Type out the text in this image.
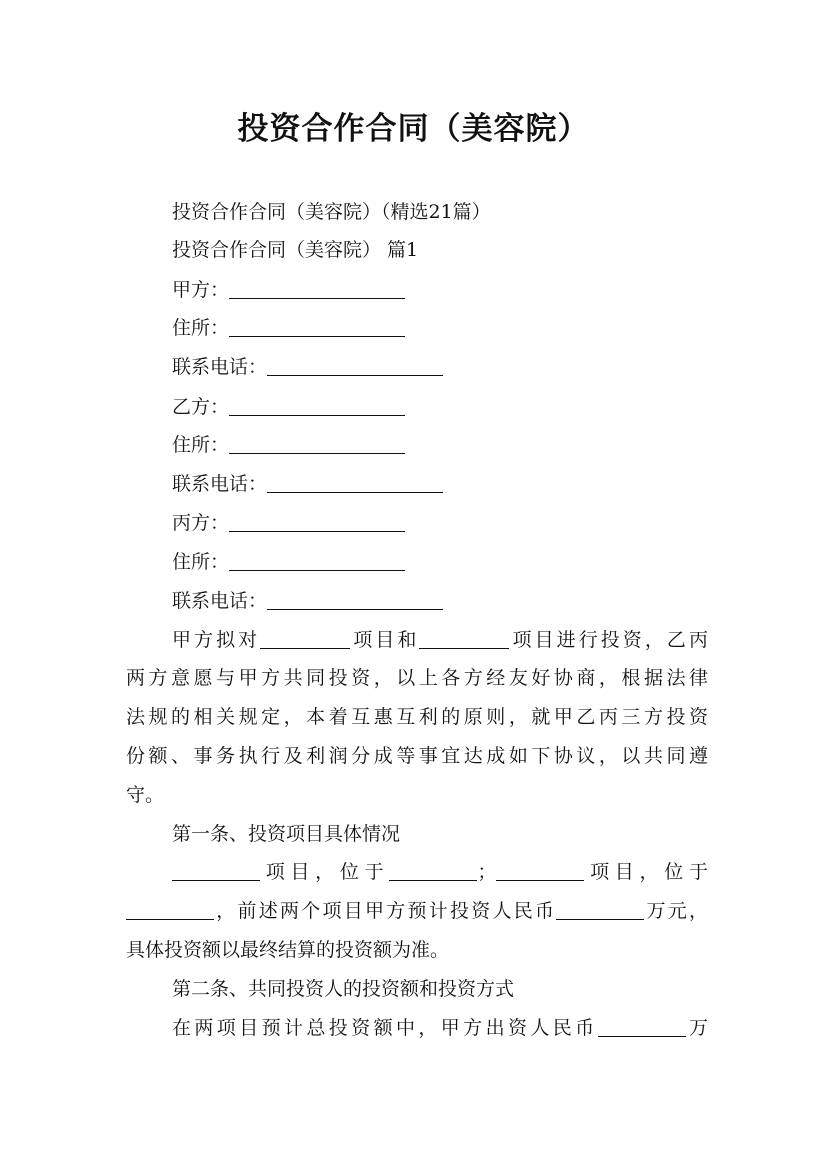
投资合作合同（美容院）
投资合作合同（美容院）（精选21篇）
投资合作合同（美容院） 篇1
甲方：
住所：
联系电话：
乙方：
住所：
联系电话：
丙方：
住所：
联系电话：
甲方拟对	项目和	项目进行投资，乙丙
两方意愿与甲方共同投资，以上各方经友好协商，根据法律
法规的相关规定，本着互惠互利的原则，就甲乙丙三方投资
份额、事务执行及利润分成等事宜达成如下协议，以共同遵
守。
第一条、投资项目具体情况
项目，位于	；	项目，位于
，前述两个项目甲方预计投资人民币	万元，
具体投资额以最终结算的投资额为准。
第二条、共同投资人的投资额和投资方式
在两项目预计总投资额中，甲方出资人民币	万
